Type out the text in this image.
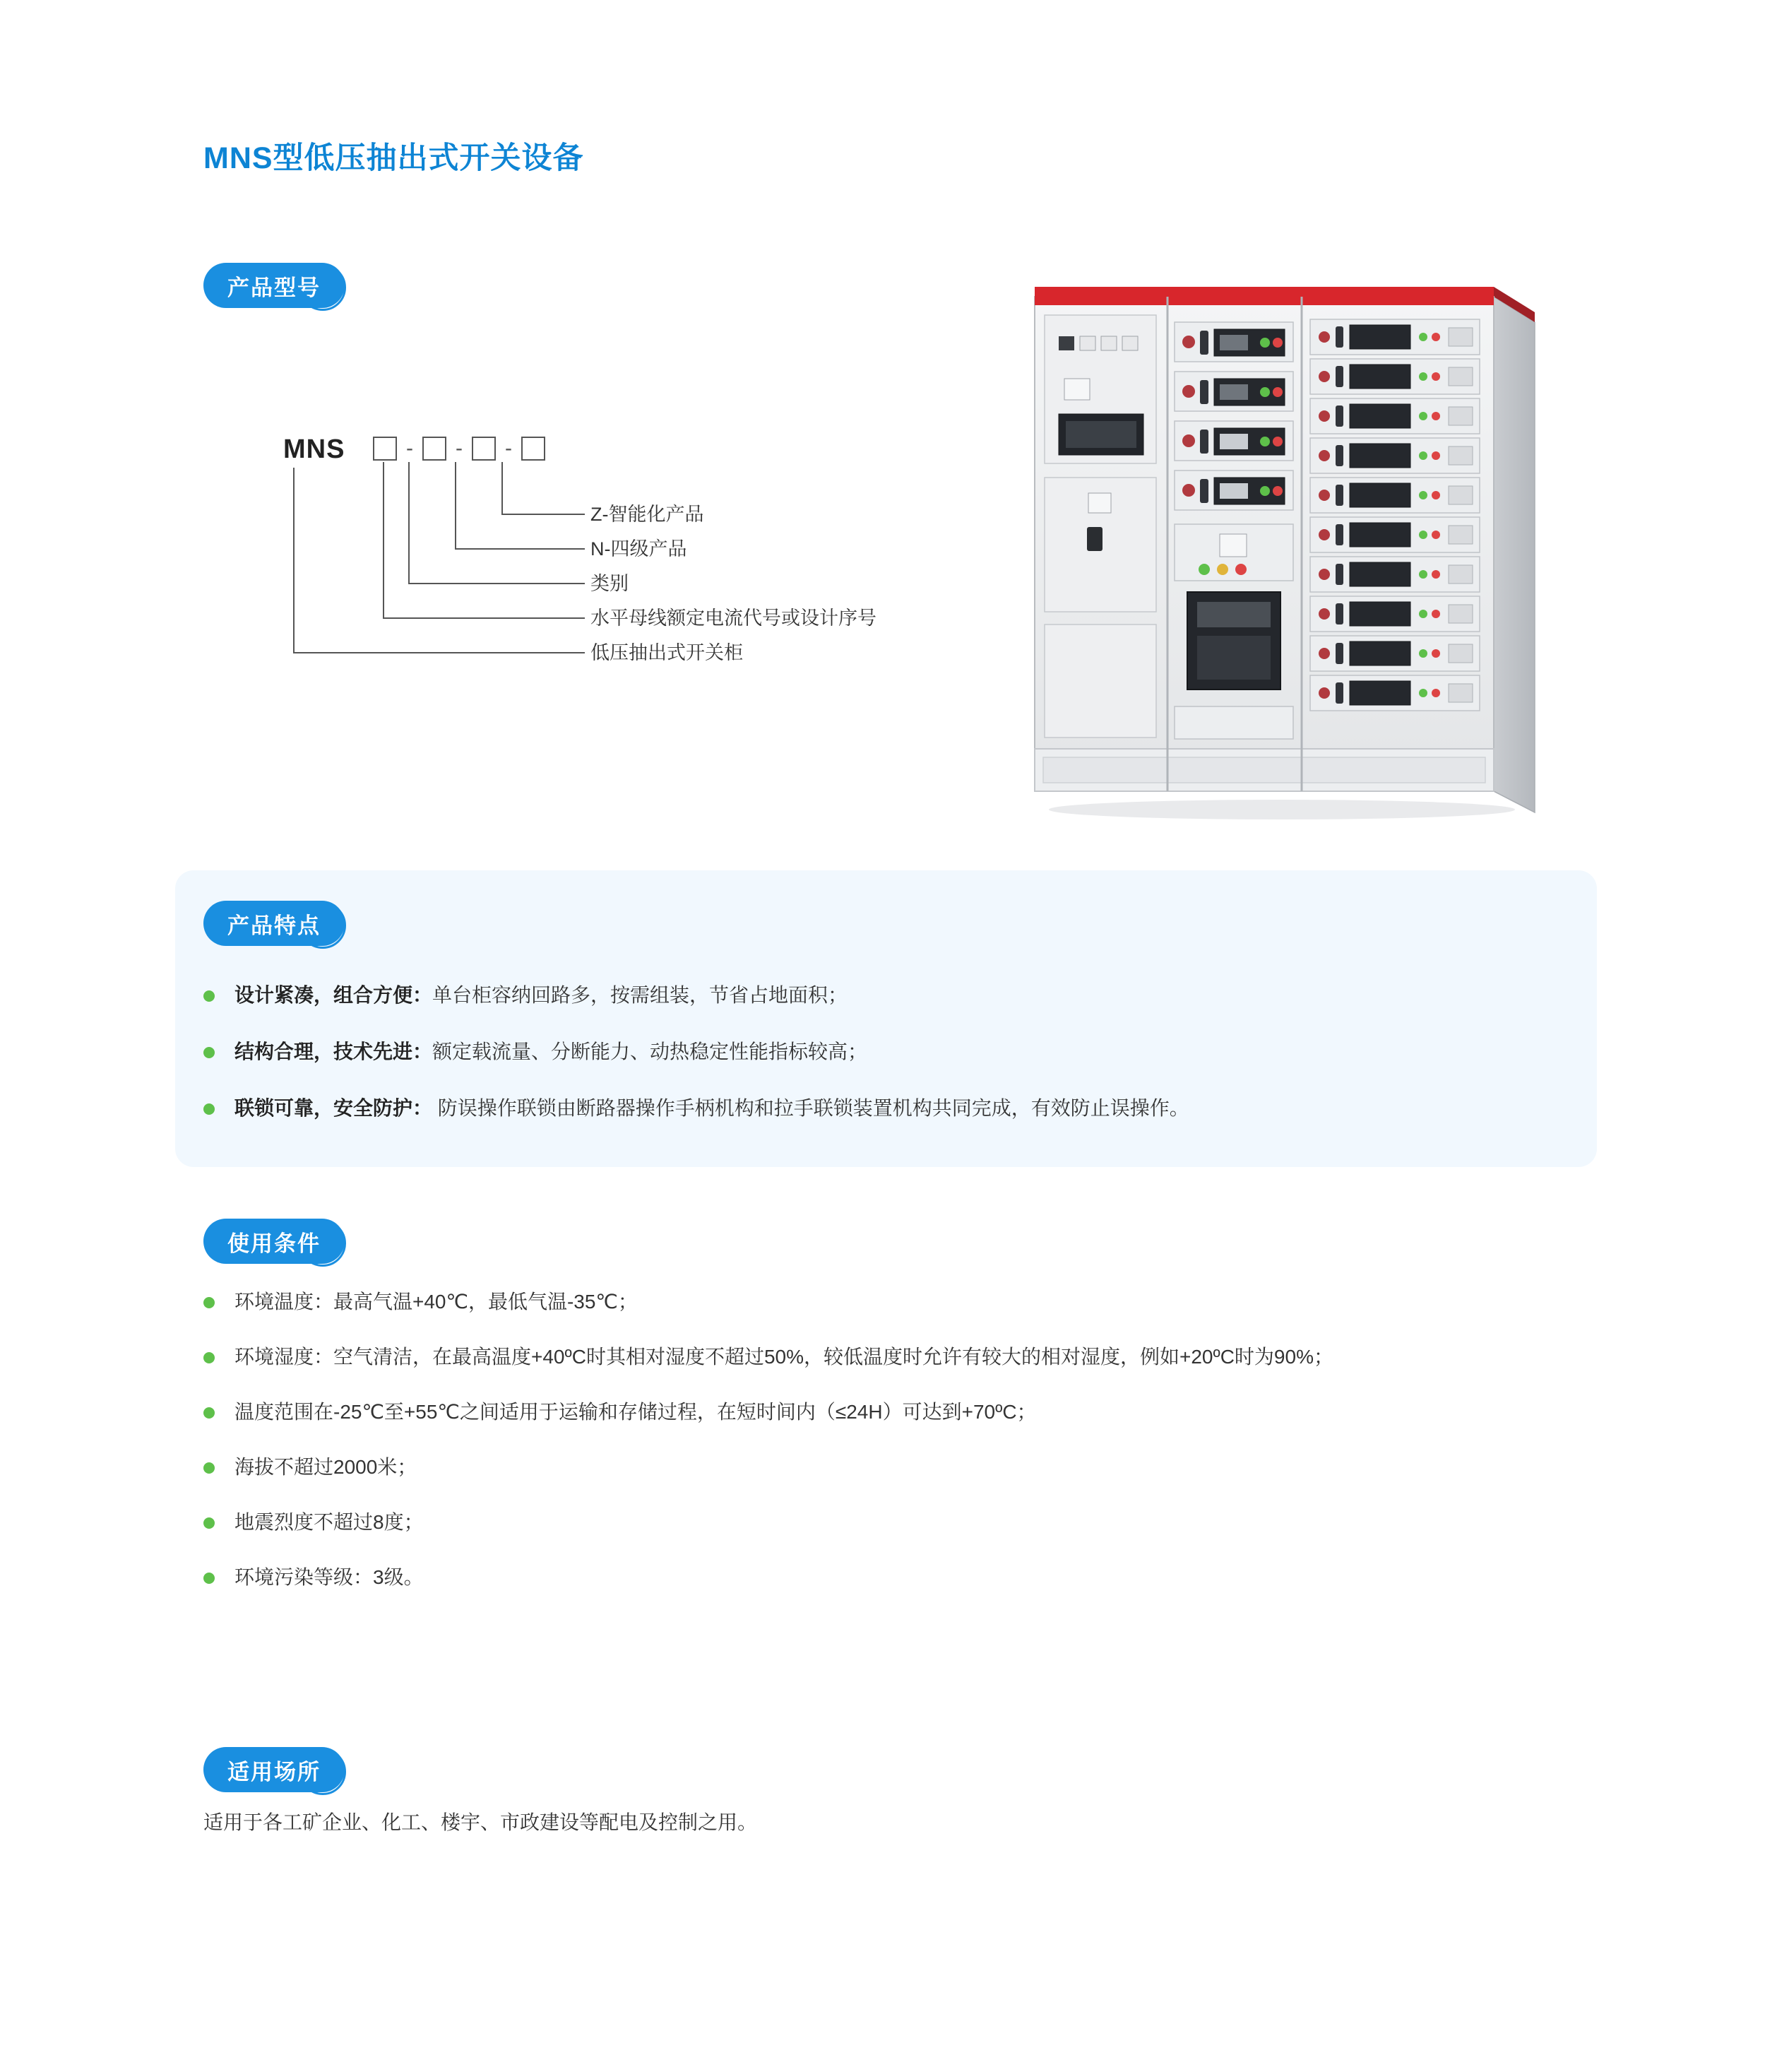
MNS型低压抽出式开关设备
产品型号
MNS	-	-	-
Z-智能化产品
N-四级产品
类别
水平母线额定电流代号或设计序号
低压抽出式开关柜
产品特点
设计紧凑，组合方便：单台柜容纳回路多，按需组装，节省占地面积；
结构合理，技术先进：额定载流量、分断能力、动热稳定性能指标较高；
联锁可靠，安全防护： 防误操作联锁由断路器操作手柄机构和拉手联锁装置机构共同完成，有效防止误操作。
使用条件
环境温度：最高气温+40℃，最低气温-35℃；
环境湿度：空气清洁，在最高温度+40ºC时其相对湿度不超过50%，较低温度时允许有较大的相对湿度，例如+20ºC时为90%；
温度范围在-25℃至+55℃之间适用于运输和存储过程，在短时间内（≤24H）可达到+70ºC；
海拔不超过2000米；
地震烈度不超过8度；
环境污染等级：3级。
适用场所
适用于各工矿企业、化工、楼宇、市政建设等配电及控制之用。
